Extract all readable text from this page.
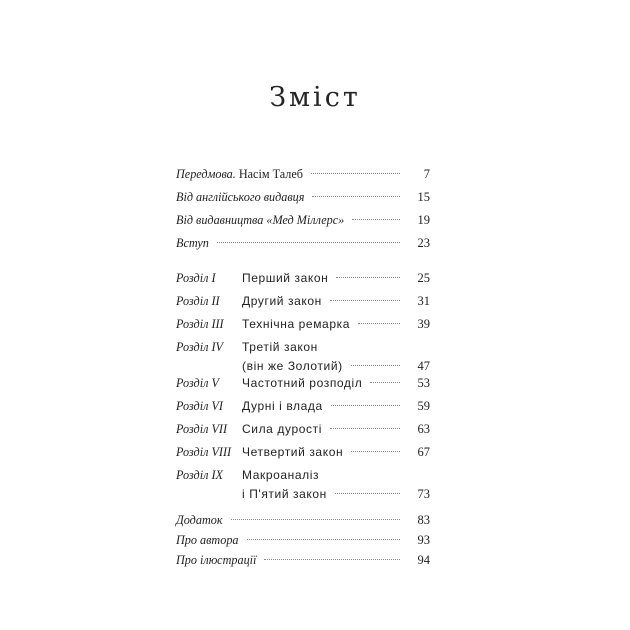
Зміст
Передмова. Насім Талеб	7
Від англійського видавця	15
Від видавництва «Мед Міллерс»	19
Вступ	23
Розділ I	Перший закон	25
Розділ II	Другий закон	31
Розділ III	Технічна ремарка	39
Розділ IV	Третій закон
(він же Золотий)	47
Розділ V	Частотний розподіл	53
Розділ VI	Дурні і влада	59
Розділ VII	Сила дурості	63
Розділ VIII Четвертий закон	67
Розділ IX	Макроаналіз
і П'ятий закон	73
Додаток	83
Про автора	93
Про ілюстрації	94
